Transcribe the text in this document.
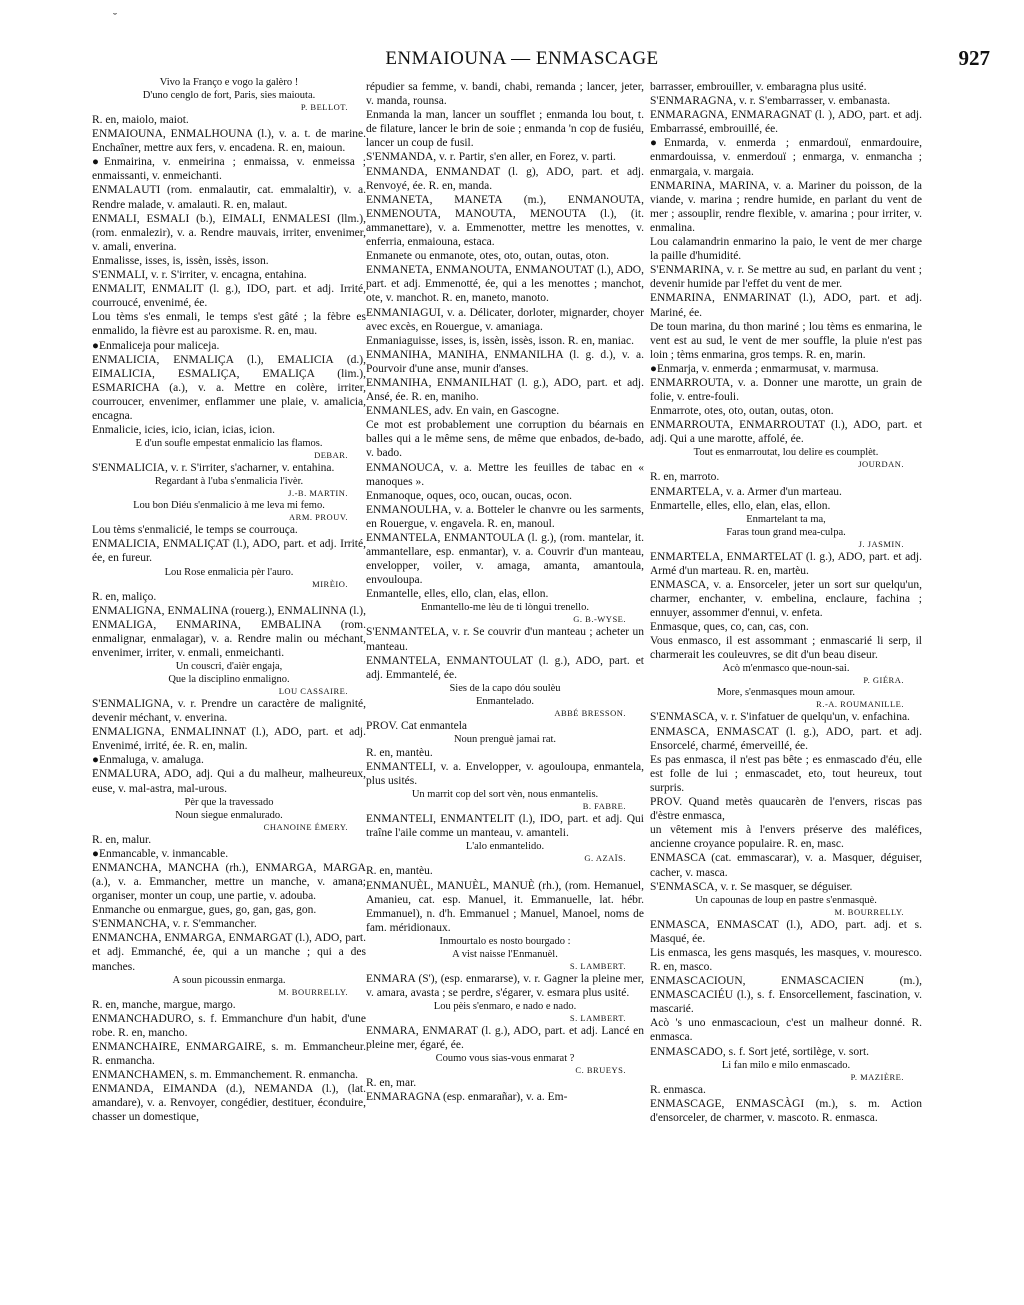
˘
ENMAIOUNA — ENMASCAGE	927

Vivo la Franço e vogo la galèro !

D'uno cenglo de fort, Paris, sies maiouta.

P. BELLOT.

R. en, maiolo, maiot.

ENMAIOUNA, ENMALHOUNA (l.), v. a. t. de marine. Enchaîner, mettre aux fers, v. encadena. R. en, maioun.

●Enmairina, v. enmeirina ; enmaissa, v. enmeissa ; enmaissanti, v. enmeichanti.

ENMALAUTI (rom. enmalautir, cat. emmalaltir), v. a. Rendre malade, v. amalauti. R. en, malaut.

ENMALI, ESMALI (b.), EIMALI, ENMALESI (llm.), (rom. enmalezir), v. a. Rendre mauvais, irriter, envenimer, v. amali, enverina.

Enmalisse, isses, is, issèn, issès, isson.

S'ENMALI, v. r. S'irriter, v. encagna, entahina.

ENMALIT, ENMALIT (l. g.), IDO, part. et adj. Irrité, courroucé, envenimé, ée.

Lou tèms s'es enmali, le temps s'est gâté ; la fèbre es enmalido, la fièvre est au paroxisme. R. en, mau.

●Enmaliceja pour maliceja.

ENMALICIA, ENMALIÇA (l.), EMALICIA (d.), EIMALICIA, ESMALIÇA, EMALIÇA (lim.), ESMARICHA (a.), v. a. Mettre en colère, irriter, courroucer, envenimer, enflammer une plaie, v. amalicia, encagna.

Enmalicie, icies, icio, ician, icias, icion.

E d'un soufle empestat enmalicio las flamos.

DEBAR.

S'ENMALICIA, v. r. S'irriter, s'acharner, v. entahina.

Regardant à l'uba s'enmalicia l'ivèr.

J.-B. MARTIN.

Lou bon Diéu s'enmalicio à me leva mi femo.

ARM. PROUV.

Lou tèms s'enmalicié, le temps se courrouça.

ENMALICIA, ENMALIÇAT (l.), ADO, part. et adj. Irrité, ée, en fureur.

Lou Rose enmalicia pèr l'auro.

MIRÈIO.

R. en, maliço.

ENMALIGNA, ENMALINA (rouerg.), ENMALINNA (l.), ENMALIGA, ENMARINA, EMBALINA (rom. enmalignar, enmalagar), v. a. Rendre malin ou méchant, envenimer, irriter, v. enmali, enmeichanti.

Un couscri, d'aièr engaja,

Que la disciplino enmaligno.

LOU CASSAIRE.

S'ENMALIGNA, v. r. Prendre un caractère de malignité, devenir méchant, v. enverina.

ENMALIGNA, ENMALINNAT (l.), ADO, part. et adj. Envenimé, irrité, ée. R. en, malin.

●Enmaluga, v. amaluga.

ENMALURA, ADO, adj. Qui a du malheur, malheureux, euse, v. mal-astra, mal-urous.

Pèr que la travessado

Noun siegue enmalurado.

CHANOINE ÉMERY.

R. en, malur.

●Enmancable, v. inmancable.

ENMANCHA, MANCHA (rh.), ENMARGA, MARGA (a.), v. a. Emmancher, mettre un manche, v. amana; organiser, monter un coup, une partie, v. adouba.

Enmanche ou enmargue, gues, go, gan, gas, gon.

S'ENMANCHA, v. r. S'emmancher.

ENMANCHA, ENMARGA, ENMARGAT (l.), ADO, part. et adj. Emmanché, ée, qui a un manche ; qui a des manches.

A soun picoussin enmarga.

M. BOURRELLY.

R. en, manche, margue, margo.

ENMANCHADURO, s. f. Emmanchure d'un habit, d'une robe. R. en, mancho.

ENMANCHAIRE, ENMARGAIRE, s. m. Emmancheur. R. enmancha.

ENMANCHAMEN, s. m. Emmanchement. R. enmancha.

ENMANDA, EIMANDA (d.), NEMANDA (l.), (lat. amandare), v. a. Renvoyer, congédier, destituer, éconduire, chasser un domestique,

répudier sa femme, v. bandi, chabi, remanda ; lancer, jeter, v. manda, rounsa.

Enmanda la man, lancer un soufflet ; enmanda lou bout, t. de filature, lancer le brin de soie ; enmanda 'n cop de fusiéu, lancer un coup de fusil.

S'ENMANDA, v. r. Partir, s'en aller, en Forez, v. parti.

ENMANDA, ENMANDAT (l. g), ADO, part. et adj. Renvoyé, ée. R. en, manda.

ENMANETA, MANETA (m.), ENMANOUTA, ENMENOUTA, MANOUTA, MENOUTA (l.), (it. ammanettare), v. a. Emmenotter, mettre les menottes, v. enferria, enmaiouna, estaca.

Enmanete ou enmanote, otes, oto, outan, outas, oton.

ENMANETA, ENMANOUTA, ENMANOUTAT (l.), ADO, part. et adj. Emmenotté, ée, qui a les menottes ; manchot, ote, v. manchot. R. en, maneto, manoto.

ENMANIAGUI, v. a. Délicater, dorloter, mignarder, choyer avec excès, en Rouergue, v. amaniaga.

Enmaniaguisse, isses, is, issèn, issès, isson. R. en, maniac.

ENMANIHA, MANIHA, ENMANILHA (l. g. d.), v. a. Pourvoir d'une anse, munir d'anses.

ENMANIHA, ENMANILHAT (l. g.), ADO, part. et adj. Ansé, ée. R. en, maniho.

ENMANLES, adv. En vain, en Gascogne.

Ce mot est probablement une corruption du béarnais en balles qui a le même sens, de même que enbados, de-bado, v. bado.

ENMANOUCA, v. a. Mettre les feuilles de tabac en « manoques ».

Enmanoque, oques, oco, oucan, oucas, ocon.

ENMANOULHA, v. a. Botteler le chanvre ou les sarments, en Rouergue, v. engavela. R. en, manoul.

ENMANTELA, ENMANTOULA (l. g.), (rom. mantelar, it. ammantellare, esp. enmantar), v. a. Couvrir d'un manteau, envelopper, voiler, v. amaga, amanta, amantoula, envouloupa.

Enmantelle, elles, ello, clan, elas, ellon.

Enmantello-me lèu de ti lòngui trenello.

G. B.-WYSE.

S'ENMANTELA, v. r. Se couvrir d'un manteau ; acheter un manteau.

ENMANTELA, ENMANTOULAT (l. g.), ADO, part. et adj. Emmantelé, ée.

Sies de la capo dóu soulèu

Enmantelado.

ABBÉ BRESSON.

PROV. Cat enmantela

Noun prenguè jamai rat.

R. en, mantèu.

ENMANTELI, v. a. Envelopper, v. agouloupa, enmantela, plus usités.

Un marrit cop del sort vèn, nous enmantelis.

B. FABRE.

ENMANTELI, ENMANTELIT (l.), IDO, part. et adj. Qui traîne l'aile comme un manteau, v. amanteli.

L'alo enmantelido.

G. AZAÏS.

R. en, mantèu.

ENMANUÈL, MANUÈL, MANUÈ (rh.), (rom. Hemanuel, Amanieu, cat. esp. Manuel, it. Emmanuelle, lat. hébr. Emmanuel), n. d'h. Emmanuel ; Manuel, Manoel, noms de fam. méridionaux.

Inmourtalo es nosto bourgado :

A vist naisse l'Enmanuèl.

S. LAMBERT.

ENMARA (S'), (esp. enmararse), v. r. Gagner la pleine mer, v. amara, avasta ; se perdre, s'égarer, v. esmara plus usité.

Lou pèis s'enmaro, e nado e nado.

S. LAMBERT.

ENMARA, ENMARAT (l. g.), ADO, part. et adj. Lancé en pleine mer, égaré, ée.

Coumo vous sias-vous enmarat ?

C. BRUEYS.

R. en, mar.

ENMARAGNA (esp. enmarañar), v. a. Em-

barrasser, embrouiller, v. embaragna plus usité.

S'ENMARAGNA, v. r. S'embarrasser, v. embanasta.

ENMARAGNA, ENMARAGNAT (l. ), ADO, part. et adj. Embarrassé, embrouillé, ée.

●Enmarda, v. enmerda ; enmardouï, enmardouire, enmardouissa, v. enmerdouï ; enmarga, v. enmancha ; enmargaia, v. margaia.

ENMARINA, MARINA, v. a. Mariner du poisson, de la viande, v. marina ; rendre humide, en parlant du vent de mer ; assouplir, rendre flexible, v. amarina ; pour irriter, v. enmalina.

Lou calamandrin enmarino la paio, le vent de mer charge la paille d'humidité.

S'ENMARINA, v. r. Se mettre au sud, en parlant du vent ; devenir humide par l'effet du vent de mer.

ENMARINA, ENMARINAT (l.), ADO, part. et adj. Mariné, ée.

De toun marina, du thon mariné ; lou tèms es enmarina, le vent est au sud, le vent de mer souffle, la pluie n'est pas loin ; tèms enmarina, gros temps. R. en, marin.

●Enmarja, v. enmerda ; enmarmusat, v. marmusa.

ENMARROUTA, v. a. Donner une marotte, un grain de folie, v. entre-fouli.

Enmarrote, otes, oto, outan, outas, oton.

ENMARROUTA, ENMARROUTAT (l.), ADO, part. et adj. Qui a une marotte, affolé, ée.

Tout es enmarroutat, lou delire es coumplèt.

JOURDAN.

R. en, marroto.

ENMARTELA, v. a. Armer d'un marteau.

Enmartelle, elles, ello, elan, elas, ellon.

Enmartelant ta ma,

Faras toun grand mea-culpa.

J. JASMIN.

ENMARTELA, ENMARTELAT (l. g.), ADO, part. et adj. Armé d'un marteau. R. en, martèu.

ENMASCA, v. a. Ensorceler, jeter un sort sur quelqu'un, charmer, enchanter, v. embelina, enclaure, fachina ; ennuyer, assommer d'ennui, v. enfeta.

Enmasque, ques, co, can, cas, con.

Vous enmasco, il est assommant ; enmascarié li serp, il charmerait les couleuvres, se dit d'un beau diseur.

Acò m'enmasco que-noun-sai.

P. GIÉRA.

More, s'enmasques moun amour.

R.-A. ROUMANILLE.

S'ENMASCA, v. r. S'infatuer de quelqu'un, v. enfachina.

ENMASCA, ENMASCAT (l. g.), ADO, part. et adj. Ensorcelé, charmé, émerveillé, ée.

Es pas enmasca, il n'est pas bête ; es enmascado d'éu, elle est folle de lui ; enmascadet, eto, tout heureux, tout surpris.

PROV. Quand metès quaucarèn de l'envers, riscas pas d'èstre enmasca,

un vêtement mis à l'envers préserve des maléfices, ancienne croyance populaire. R. en, masc.

ENMASCA (cat. emmascarar), v. a. Masquer, déguiser, cacher, v. masca.

S'ENMASCA, v. r. Se masquer, se déguiser.

Un capounas de loup en pastre s'enmasquè.

M. BOURRELLY.

ENMASCA, ENMASCAT (l.), ADO, part. adj. et s. Masqué, ée.

Lis enmasca, les gens masqués, les masques, v. mouresco. R. en, masco.

ENMASCACIOUN, ENMASCACIEN (m.), ENMASCACIÉU (l.), s. f. Ensorcellement, fascination, v. mascarié.

Acò 's uno enmascacioun, c'est un malheur donné. R. enmasca.

ENMASCADO, s. f. Sort jeté, sortilège, v. sort.

Li fan milo e milo enmascado.

P. MAZIÈRE.

R. enmasca.

ENMASCAGE, ENMASCÀGI (m.), s. m. Action d'ensorceler, de charmer, v. mascoto. R. enmasca.
